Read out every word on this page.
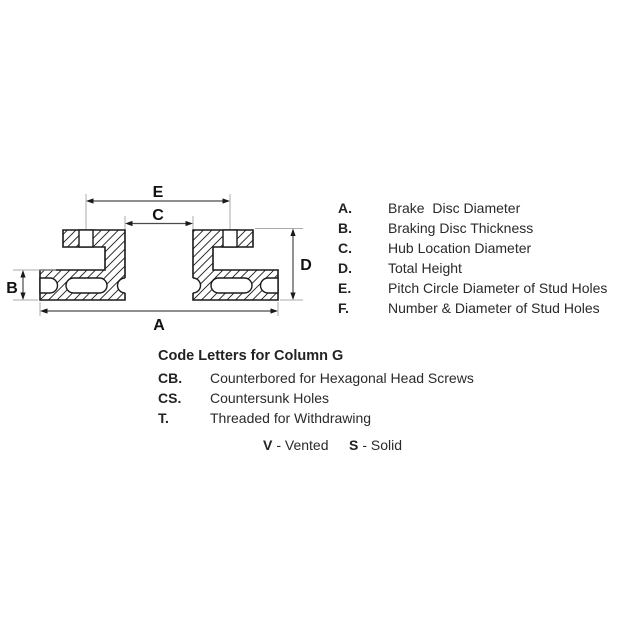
E
C
B
D
A
A.	Brake  Disc Diameter
B.	Braking Disc Thickness
C.	Hub Location Diameter
D.	Total Height
E.	Pitch Circle Diameter of Stud Holes
F.	Number & Diameter of Stud Holes
Code Letters for Column G
CB.	Counterbored for Hexagonal Head Screws
CS.	Countersunk Holes
T.	Threaded for Withdrawing
V - Vented S - Solid
